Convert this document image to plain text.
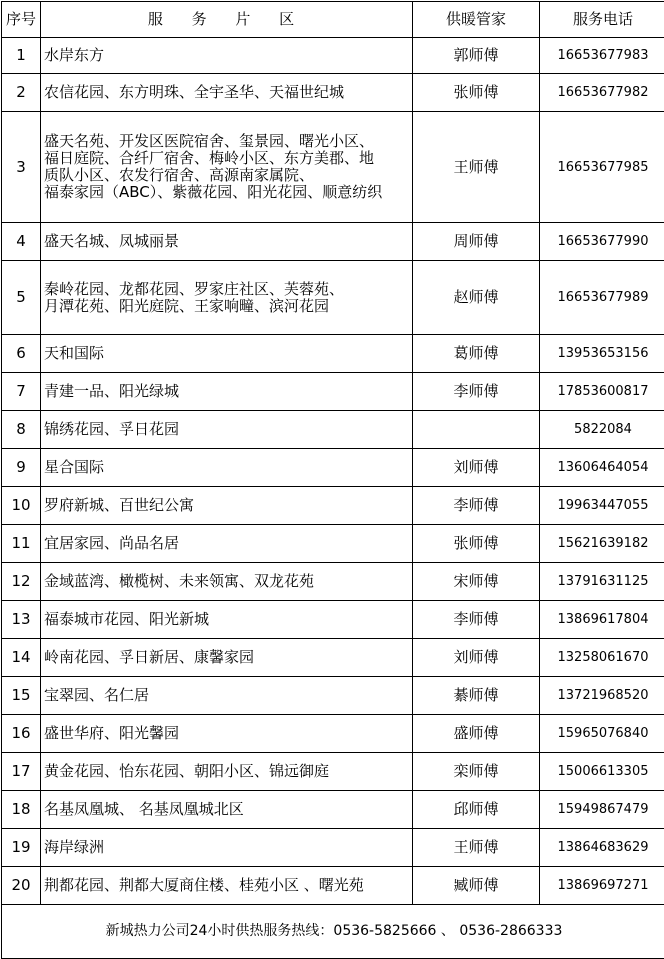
序号	服 务 片 区	供暖管家	服务电话
1	水岸东方	郭师傅	16653677983
2	农信花园、东方明珠、全宇圣华、天福世纪城	张师傅	16653677982
3	盛天名苑、开发区医院宿舍、玺景园、曙光小区、
福日庭院、合纤厂宿舍、梅岭小区、东方美郡、地
质队小区、农发行宿舍、高源南家属院、
福泰家园（ABC）、紫薇花园、阳光花园、顺意纺织	王师傅	16653677985
4	盛天名城、凤城丽景	周师傅	16653677990
5	秦岭花园、龙都花园、罗家庄社区、芙蓉苑、
月潭花苑、阳光庭院、王家响疃、滨河花园	赵师傅	16653677989
6	天和国际	葛师傅	13953653156
7	青建一品、阳光绿城	李师傅	17853600817
8	锦绣花园、孚日花园		5822084
9	星合国际	刘师傅	13606464054
10	罗府新城、百世纪公寓	李师傅	19963447055
11	宜居家园、尚品名居	张师傅	15621639182
12	金域蓝湾、橄榄树、未来领寓、双龙花苑	宋师傅	13791631125
13	福泰城市花园、阳光新城	李师傅	13869617804
14	岭南花园、孚日新居、康馨家园	刘师傅	13258061670
15	宝翠园、名仁居	綦师傅	13721968520
16	盛世华府、阳光馨园	盛师傅	15965076840
17	黄金花园、怡东花园、朝阳小区、锦远御庭	栾师傅	15006613305
18	名基凤凰城、 名基凤凰城北区	邱师傅	15949867479
19	海岸绿洲	王师傅	13864683629
20	荆都花园、荆都大厦商住楼、桂苑小区 、曙光苑	臧师傅	13869697271
新城热力公司24小时供热服务热线：0536-5825666 、 0536-2866333			
